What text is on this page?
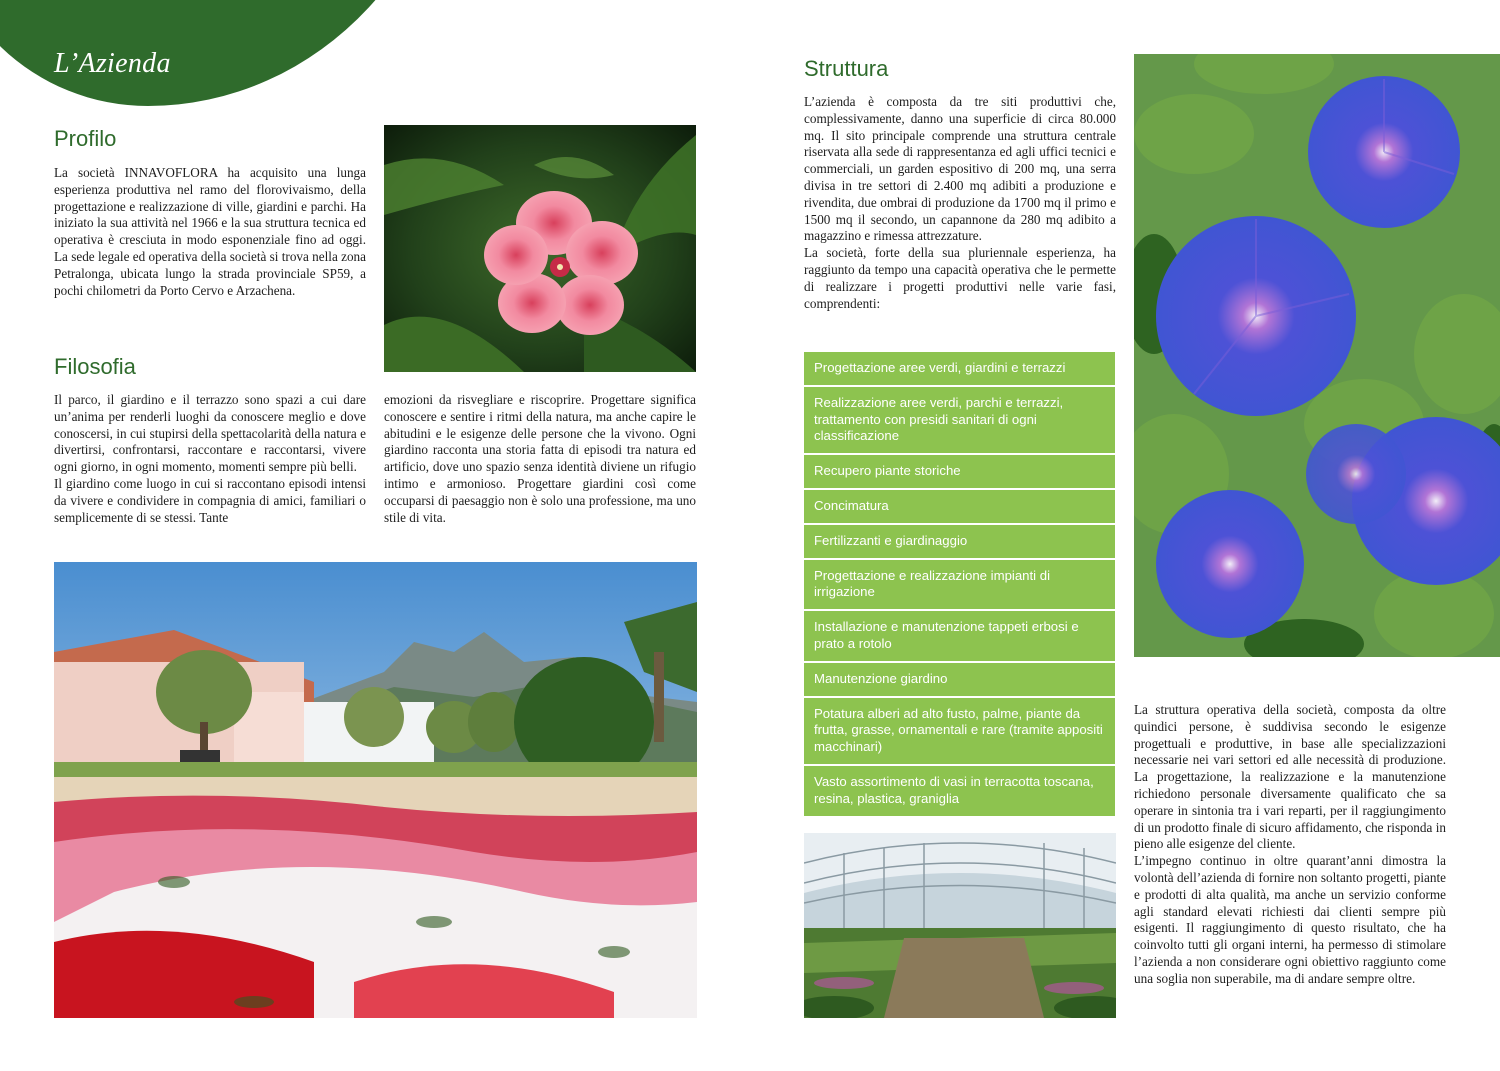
L’Azienda
Profilo

La società INNAVOFLORA ha acquisito una lunga esperienza produttiva nel ramo del florovivaismo, della progettazione e realizzazione di ville, giardini e parchi. Ha iniziato la sua attività nel 1966 e la sua struttura tecnica ed operativa è cresciuta in modo esponenziale fino ad oggi. La sede legale ed operativa della società si trova nella zona Petralonga, ubicata lungo la strada provinciale SP59, a pochi chilometri da Porto Cervo e Arzachena.

Filosofia

Il parco, il giardino e il terrazzo sono spazi a cui dare un’anima per renderli luoghi da conoscere meglio e dove conoscersi, in cui stupirsi della spettacolarità della natura e divertirsi, confrontarsi, raccontare e raccontarsi, vivere ogni giorno, in ogni momento, momenti sempre più belli.

Il giardino come luogo in cui si raccontano episodi intensi da vivere e condividere in compagnia di amici, familiari o semplicemente di se stessi. Tante

emozioni da risvegliare e riscoprire. Progettare significa conoscere e sentire i ritmi della natura, ma anche capire le abitudini e le esigenze delle persone che la vivono. Ogni giardino racconta una storia fatta di episodi tra natura ed artificio, dove uno spazio senza identità diviene un rifugio intimo e armonioso. Progettare giardini così come occuparsi di paesaggio non è solo una professione, ma uno stile di vita.

Struttura

L’azienda è composta da tre siti produttivi che, complessivamente, danno una superficie di circa 80.000 mq. Il sito principale comprende una struttura centrale riservata alla sede di rappresentanza ed agli uffici tecnici e commerciali, un garden espositivo di 200 mq, una serra divisa in tre settori di 2.400 mq adibiti a produzione e rivendita, due ombrai di produzione da 1700 mq il primo e 1500 mq il secondo, un capannone da 280 mq adibito a magazzino e rimessa attrezzature.

La società, forte della sua pluriennale esperienza, ha raggiunto da tempo una capacità operativa che le permette di realizzare i progetti produttivi nelle varie fasi, comprendenti:

Progettazione aree verdi, giardini e terrazzi
Realizzazione aree verdi, parchi e terrazzi, trattamento con presidi sanitari di ogni classificazione
Recupero piante storiche
Concimatura
Fertilizzanti e giardinaggio
Progettazione e realizzazione impianti di irrigazione
Installazione e manutenzione tappeti erbosi e prato a rotolo
Manutenzione giardino
Potatura alberi ad alto fusto, palme, piante da frutta, grasse, ornamentali e rare (tramite appositi macchinari)
Vasto assortimento di vasi in terracotta toscana, resina, plastica, graniglia

La struttura operativa della società, composta da oltre quindici persone, è suddivisa secondo le esigenze progettuali e produttive, in base alle specializzazioni necessarie nei vari settori ed alle necessità di produzione. La progettazione, la realizzazione e la manutenzione richiedono personale diversamente qualificato che sa operare in sintonia tra i vari reparti, per il raggiungimento di un prodotto finale di sicuro affidamento, che risponda in pieno alle esigenze del cliente.

L’impegno continuo in oltre quarant’anni dimostra la volontà dell’azienda di fornire non soltanto progetti, piante e prodotti di alta qualità, ma anche un servizio conforme agli standard elevati richiesti dai clienti sempre più esigenti. Il raggiungimento di questo risultato, che ha coinvolto tutti gli organi interni, ha permesso di stimolare l’azienda a non considerare ogni obiettivo raggiunto come una soglia non superabile, ma di andare sempre oltre.
